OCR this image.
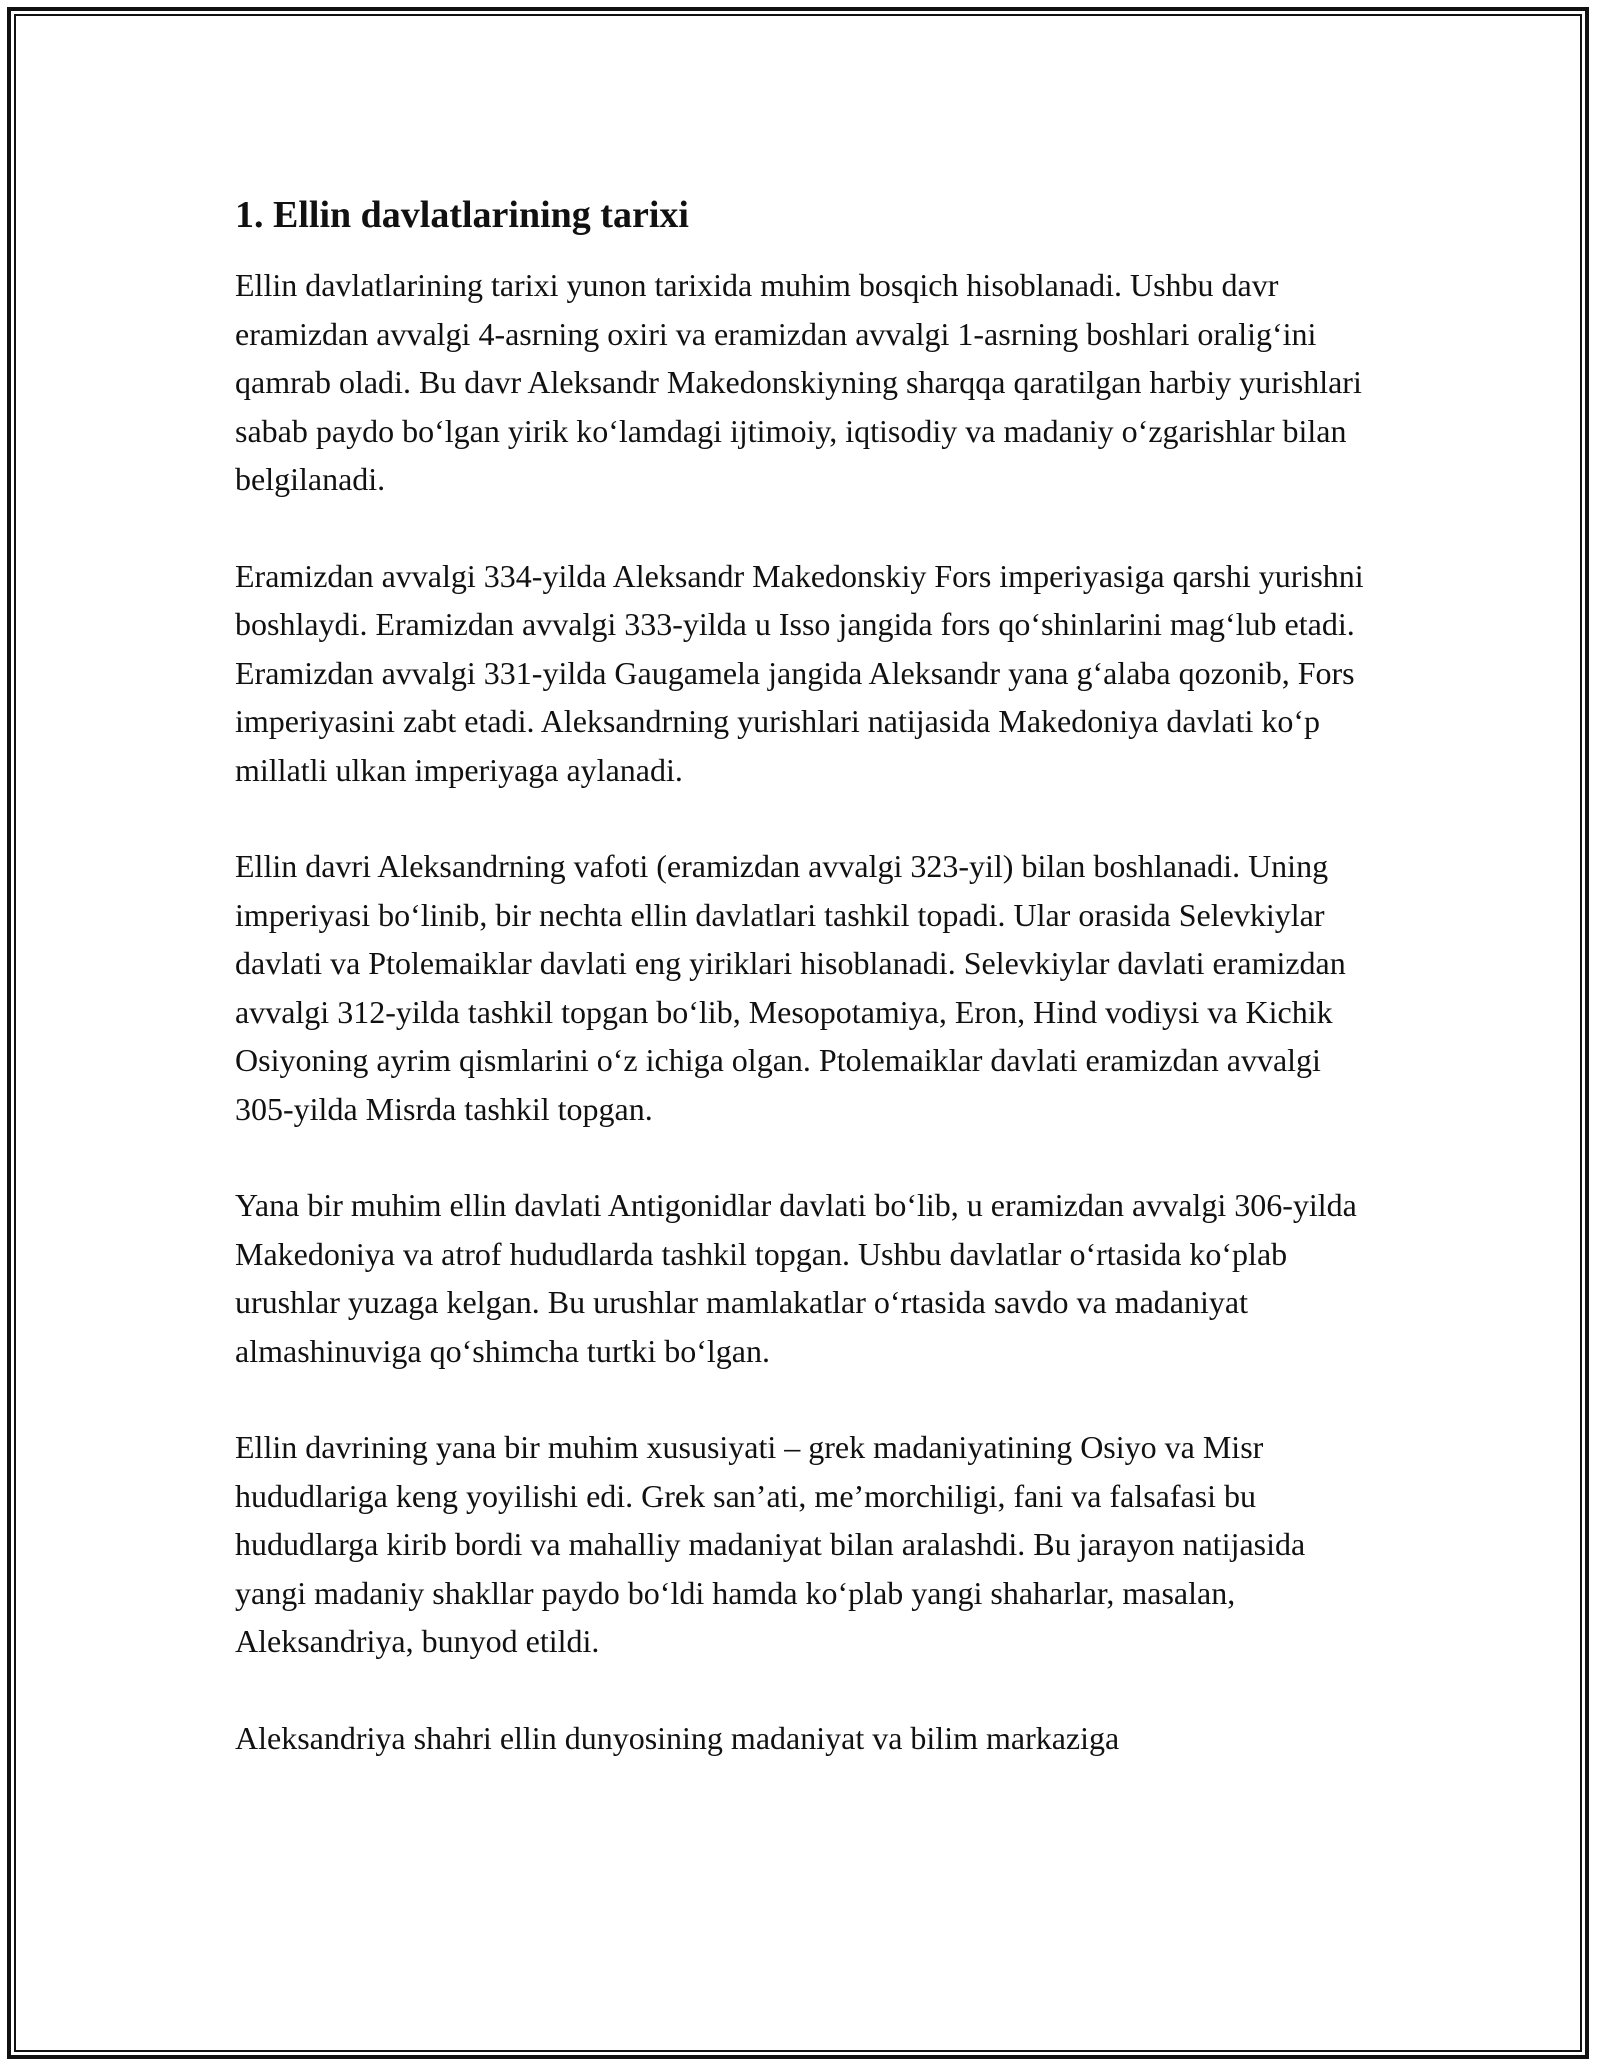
1. Ellin davlatlarining tarixi

Ellin davlatlarining tarixi yunon tarixida muhim bosqich hisoblanadi. Ushbu davr eramizdan avvalgi 4-asrning oxiri va eramizdan avvalgi 1-asrning boshlari oralig‘ini qamrab oladi. Bu davr Aleksandr Makedonskiyning sharqqa qaratilgan harbiy yurishlari sabab paydo bo‘lgan yirik ko‘lamdagi ijtimoiy, iqtisodiy va madaniy o‘zgarishlar bilan belgilanadi.

Eramizdan avvalgi 334-yilda Aleksandr Makedonskiy Fors imperiyasiga qarshi yurishni boshlaydi. Eramizdan avvalgi 333-yilda u Isso jangida fors qo‘shinlarini mag‘lub etadi. Eramizdan avvalgi 331-yilda Gaugamela jangida Aleksandr yana g‘alaba qozonib, Fors imperiyasini zabt etadi. Aleksandrning yurishlari natijasida Makedoniya davlati ko‘p millatli ulkan imperiyaga aylanadi.

Ellin davri Aleksandrning vafoti (eramizdan avvalgi 323-yil) bilan boshlanadi. Uning imperiyasi bo‘linib, bir nechta ellin davlatlari tashkil topadi. Ular orasida Selevkiylar davlati va Ptolemaiklar davlati eng yiriklari hisoblanadi. Selevkiylar davlati eramizdan avvalgi 312-yilda tashkil topgan bo‘lib, Mesopotamiya, Eron, Hind vodiysi va Kichik Osiyoning ayrim qismlarini o‘z ichiga olgan. Ptolemaiklar davlati eramizdan avvalgi 305-yilda Misrda tashkil topgan.

Yana bir muhim ellin davlati Antigonidlar davlati bo‘lib, u eramizdan avvalgi 306-yilda Makedoniya va atrof hududlarda tashkil topgan. Ushbu davlatlar o‘rtasida ko‘plab urushlar yuzaga kelgan. Bu urushlar mamlakatlar o‘rtasida savdo va madaniyat almashinuviga qo‘shimcha turtki bo‘lgan.

Ellin davrining yana bir muhim xususiyati – grek madaniyatining Osiyo va Misr hududlariga keng yoyilishi edi. Grek san’ati, me’morchiligi, fani va falsafasi bu hududlarga kirib bordi va mahalliy madaniyat bilan aralashdi. Bu jarayon natijasida yangi madaniy shakllar paydo bo‘ldi hamda ko‘plab yangi shaharlar, masalan, Aleksandriya, bunyod etildi.

Aleksandriya shahri ellin dunyosining madaniyat va bilim markaziga
